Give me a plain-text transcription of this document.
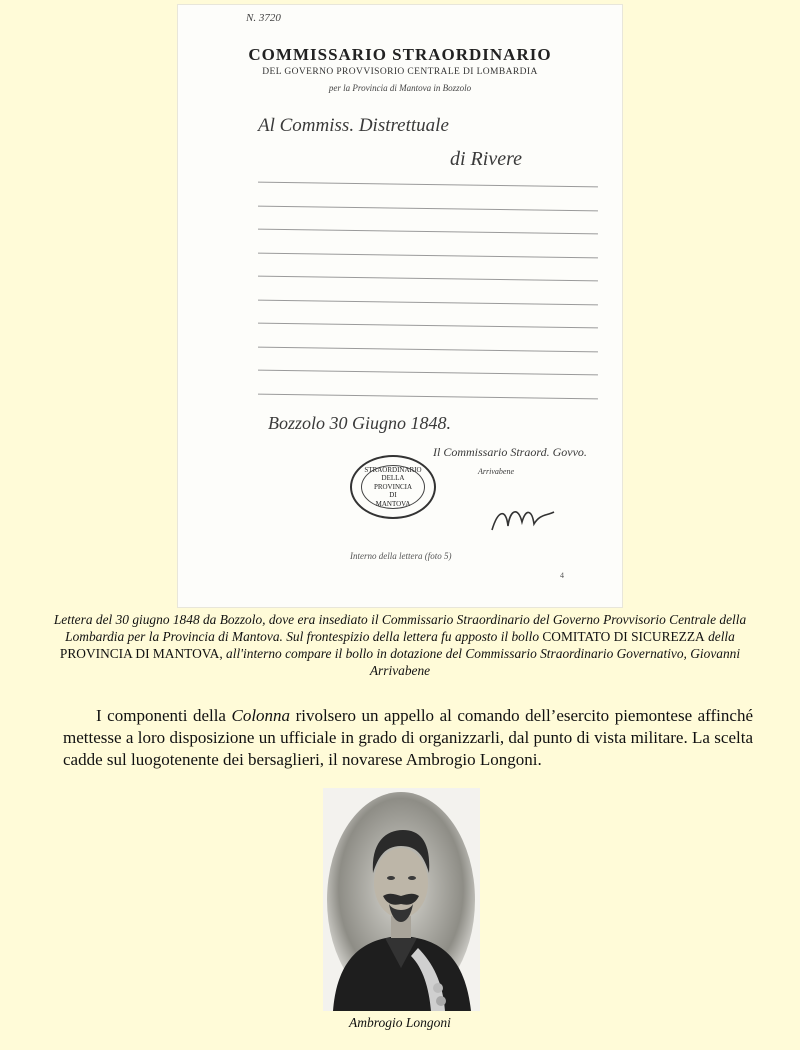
N. 3720
COMMISSARIO STRAORDINARIO
DEL GOVERNO PROVVISORIO CENTRALE DI LOMBARDIA
per la Provincia di Mantova in Bozzolo
Al Commiss. Distrettuale
di Rivere
Bozzolo 30 Giugno 1848.
Il Commissario Straord. Govvo.
Arrivabene
STRAORDINARIO
DELLA
PROVINCIA
DI
MANTOVA
Interno della lettera (foto 5)
4
Lettera del 30 giugno 1848 da Bozzolo, dove era insediato il Commissario Straordinario del Governo Provvisorio Centrale della Lombardia per la Provincia di Mantova. Sul frontespizio della lettera fu apposto il bollo COMITATO DI SICUREZZA della PROVINCIA DI MANTOVA, all'interno compare il bollo in dotazione del Commissario Straordinario Governativo, Giovanni Arrivabene
I componenti della Colonna rivolsero un appello al comando dell’esercito piemontese affinché mettesse a loro disposizione un ufficiale in grado di organizzarli, dal punto di vista militare. La scelta cadde sul luogotenente dei bersaglieri, il novarese Ambrogio Longoni.
Ambrogio Longoni
